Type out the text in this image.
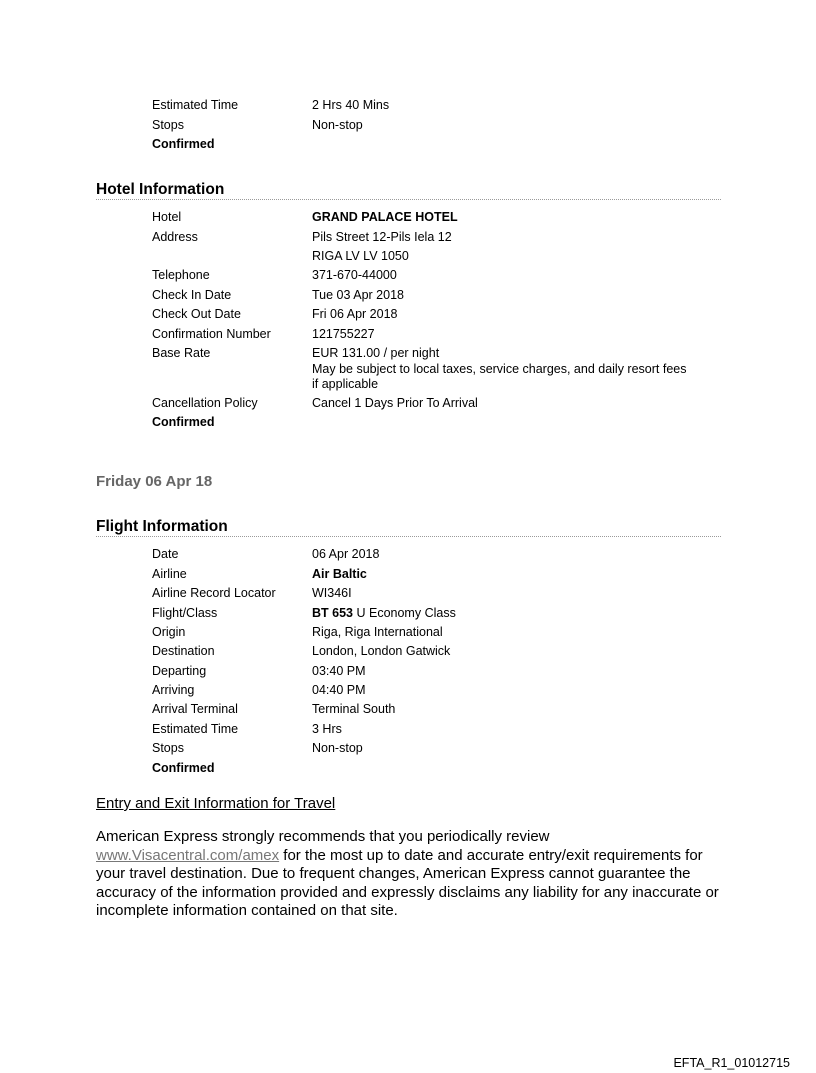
Estimated Time	2 Hrs 40 Mins
Stops	Non-stop
Confirmed
Hotel Information
Hotel	GRAND PALACE HOTEL
Address	Pils Street 12-Pils Iela 12
RIGA LV LV 1050
Telephone	371-670-44000
Check In Date	Tue 03 Apr 2018
Check Out Date	Fri 06 Apr 2018
Confirmation Number	121755227
Base Rate	EUR 131.00 / per night
May be subject to local taxes, service charges, and daily resort fees
if applicable
Cancellation Policy	Cancel 1 Days Prior To Arrival
Confirmed
Friday 06 Apr 18
Flight Information
Date	06 Apr 2018
Airline	Air Baltic
Airline Record Locator	WI346I
Flight/Class	BT 653 U Economy Class
Origin	Riga, Riga International
Destination	London, London Gatwick
Departing	03:40 PM
Arriving	04:40 PM
Arrival Terminal	Terminal South
Estimated Time	3 Hrs
Stops	Non-stop
Confirmed
Entry and Exit Information for Travel
American Express strongly recommends that you periodically review www.Visacentral.com/amex for the most up to date and accurate entry/exit requirements for your travel destination. Due to frequent changes, American Express cannot guarantee the accuracy of the information provided and expressly disclaims any liability for any inaccurate or incomplete information contained on that site.
EFTA_R1_01012715
